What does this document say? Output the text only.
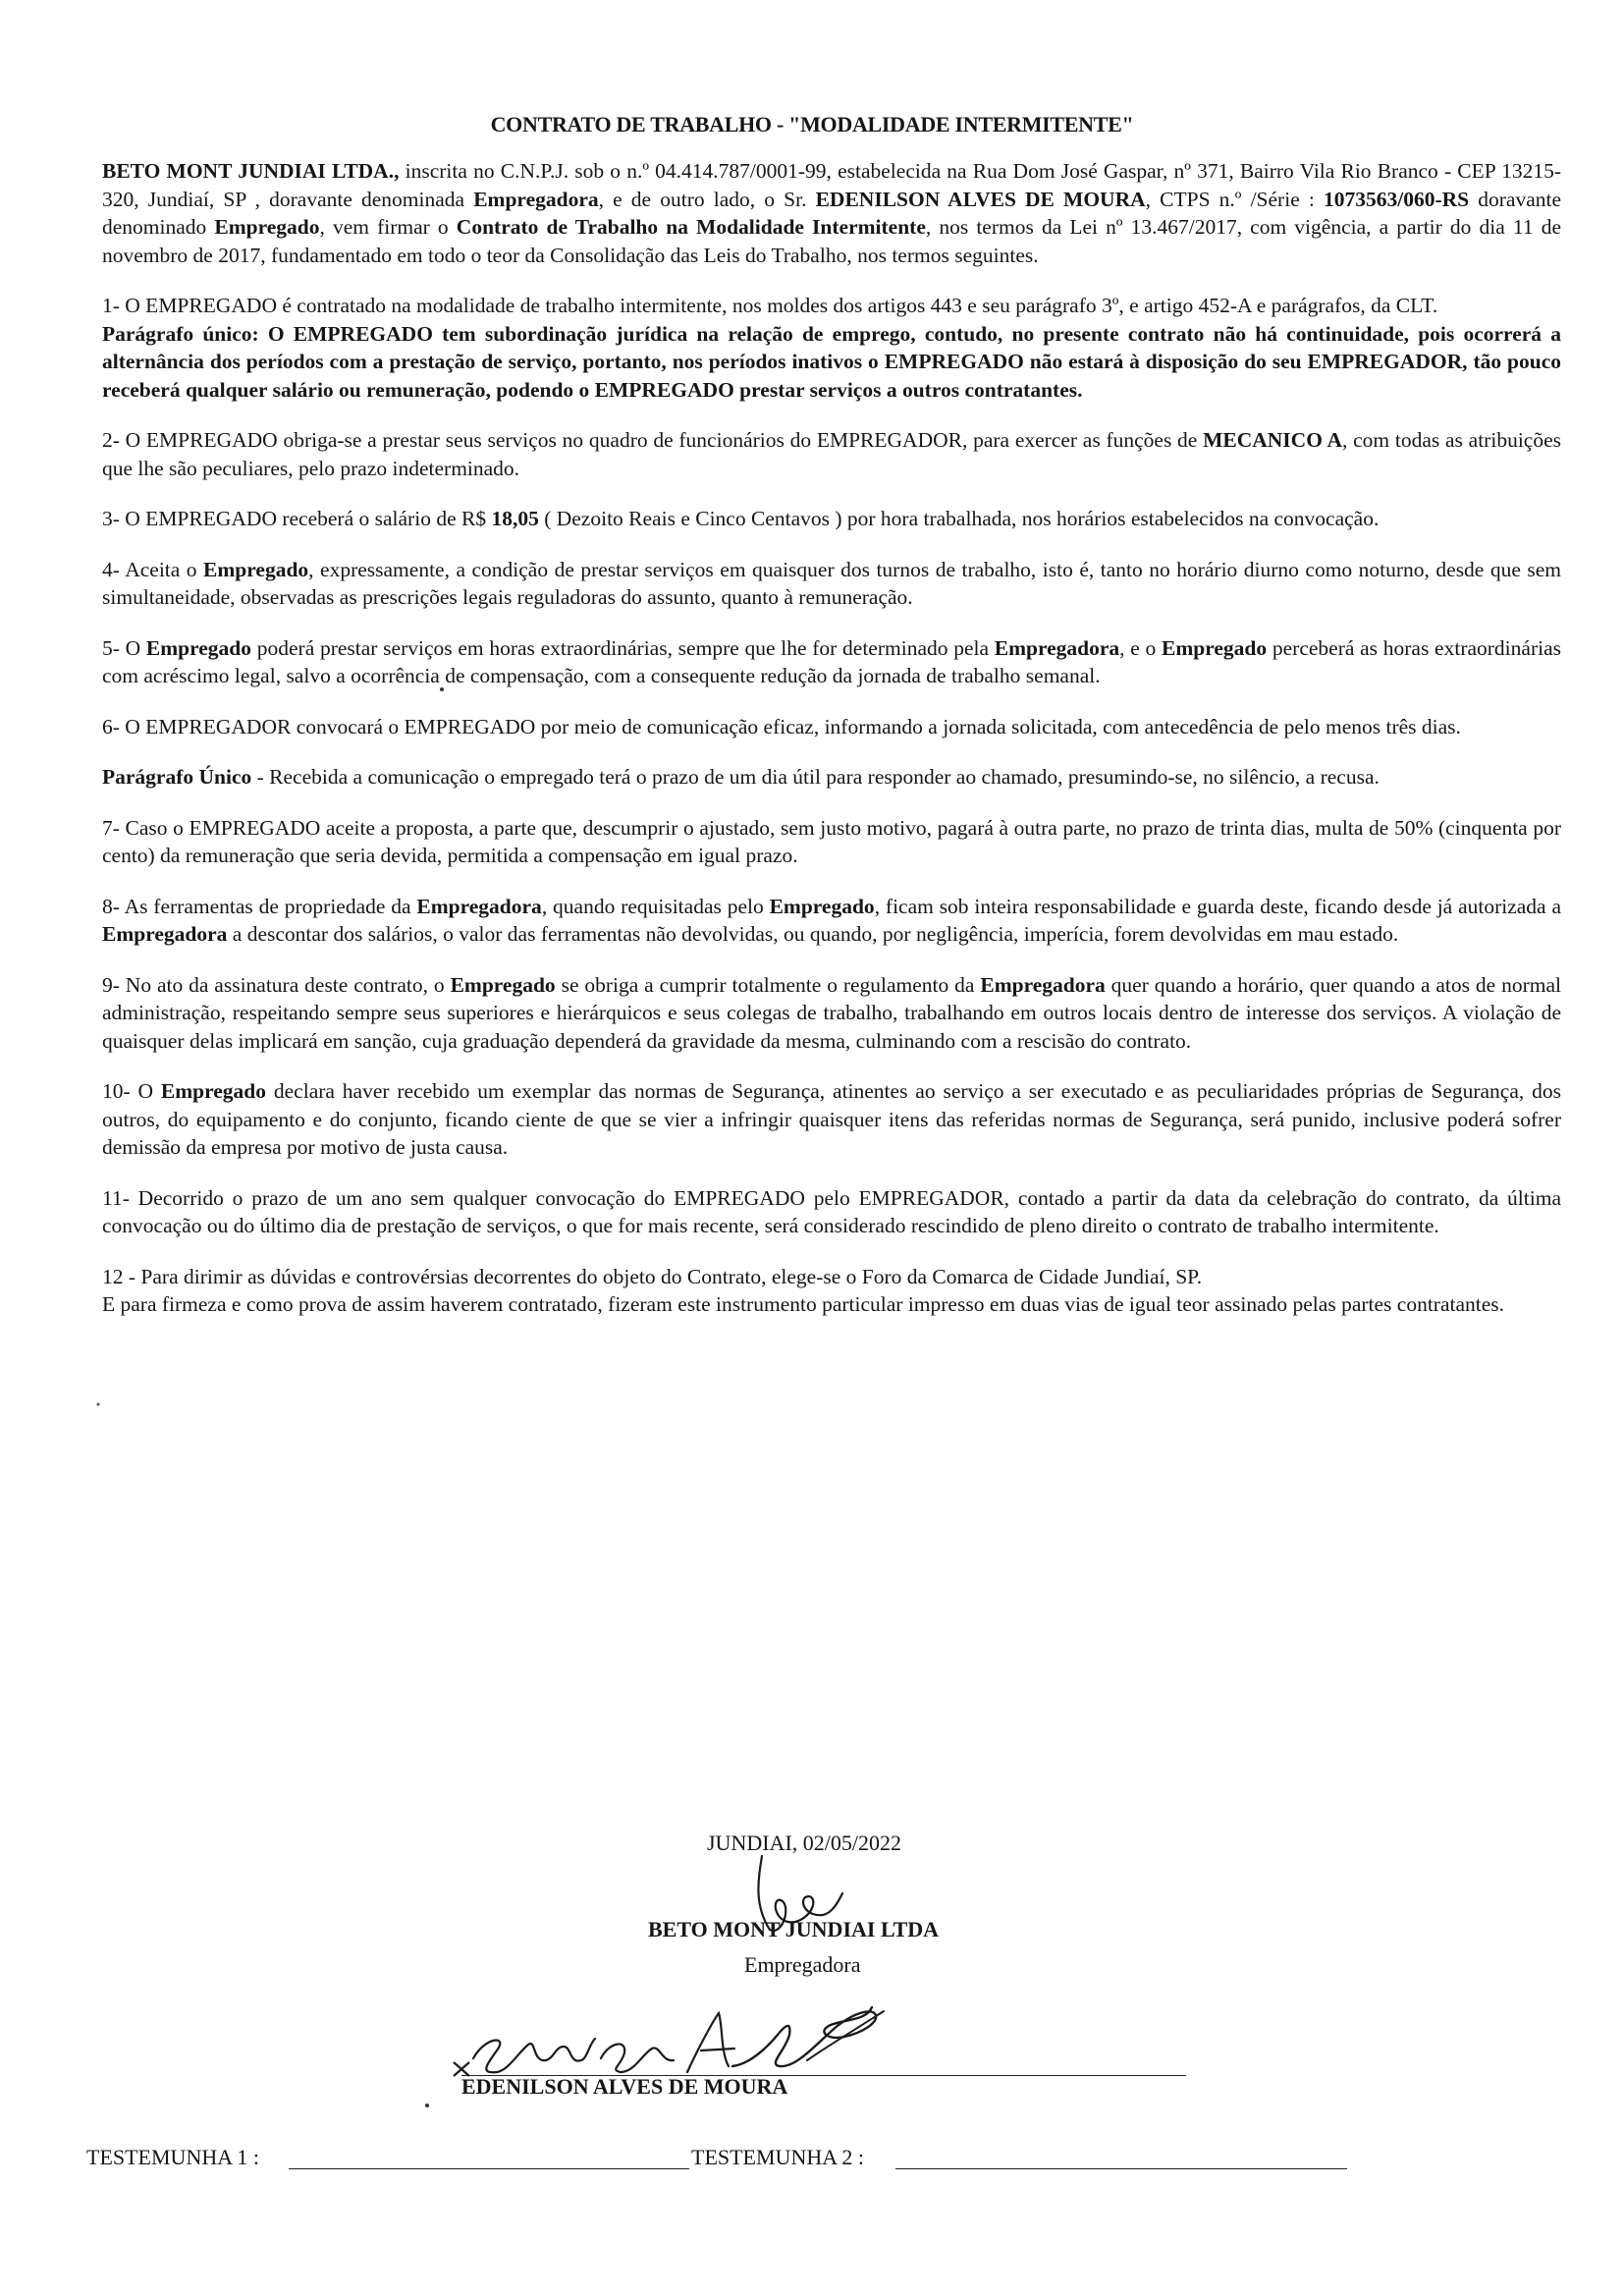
CONTRATO DE TRABALHO - "MODALIDADE INTERMITENTE"

BETO MONT JUNDIAI LTDA., inscrita no C.N.P.J. sob o n.º 04.414.787/0001-99, estabelecida na Rua Dom José Gaspar, nº 371, Bairro Vila Rio Branco - CEP 13215-320, Jundiaí, SP , doravante denominada Empregadora, e de outro lado, o Sr. EDENILSON ALVES DE MOURA, CTPS n.º /Série : 1073563/060-RS doravante denominado Empregado, vem firmar o Contrato de Trabalho na Modalidade Intermitente, nos termos da Lei nº 13.467/2017, com vigência, a partir do dia 11 de novembro de 2017, fundamentado em todo o teor da Consolidação das Leis do Trabalho, nos termos seguintes.

1- O EMPREGADO é contratado na modalidade de trabalho intermitente, nos moldes dos artigos 443 e seu parágrafo 3º, e artigo 452-A e parágrafos, da CLT.

Parágrafo único: O EMPREGADO tem subordinação jurídica na relação de emprego, contudo, no presente contrato não há continuidade, pois ocorrerá a alternância dos períodos com a prestação de serviço, portanto, nos períodos inativos o EMPREGADO não estará à disposição do seu EMPREGADOR, tão pouco receberá qualquer salário ou remuneração, podendo o EMPREGADO prestar serviços a outros contratantes.

2- O EMPREGADO obriga-se a prestar seus serviços no quadro de funcionários do EMPREGADOR, para exercer as funções de MECANICO A, com todas as atribuições que lhe são peculiares, pelo prazo indeterminado.

3- O EMPREGADO receberá o salário de R$ 18,05 ( Dezoito Reais e Cinco Centavos ) por hora trabalhada, nos horários estabelecidos na convocação.

4- Aceita o Empregado, expressamente, a condição de prestar serviços em quaisquer dos turnos de trabalho, isto é, tanto no horário diurno como noturno, desde que sem simultaneidade, observadas as prescrições legais reguladoras do assunto, quanto à remuneração.

5- O Empregado poderá prestar serviços em horas extraordinárias, sempre que lhe for determinado pela Empregadora, e o Empregado perceberá as horas extraordinárias com acréscimo legal, salvo a ocorrência de compensação, com a consequente redução da jornada de trabalho semanal.

6- O EMPREGADOR convocará o EMPREGADO por meio de comunicação eficaz, informando a jornada solicitada, com antecedência de pelo menos três dias.

Parágrafo Único - Recebida a comunicação o empregado terá o prazo de um dia útil para responder ao chamado, presumindo-se, no silêncio, a recusa.

7- Caso o EMPREGADO aceite a proposta, a parte que, descumprir o ajustado, sem justo motivo, pagará à outra parte, no prazo de trinta dias, multa de 50% (cinquenta por cento) da remuneração que seria devida, permitida a compensação em igual prazo.

8- As ferramentas de propriedade da Empregadora, quando requisitadas pelo Empregado, ficam sob inteira responsabilidade e guarda deste, ficando desde já autorizada a Empregadora a descontar dos salários, o valor das ferramentas não devolvidas, ou quando, por negligência, imperícia, forem devolvidas em mau estado.

9- No ato da assinatura deste contrato, o Empregado se obriga a cumprir totalmente o regulamento da Empregadora quer quando a horário, quer quando a atos de normal administração, respeitando sempre seus superiores e hierárquicos e seus colegas de trabalho, trabalhando em outros locais dentro de interesse dos serviços. A violação de quaisquer delas implicará em sanção, cuja graduação dependerá da gravidade da mesma, culminando com a rescisão do contrato.

10- O Empregado declara haver recebido um exemplar das normas de Segurança, atinentes ao serviço a ser executado e as peculiaridades próprias de Segurança, dos outros, do equipamento e do conjunto, ficando ciente de que se vier a infringir quaisquer itens das referidas normas de Segurança, será punido, inclusive poderá sofrer demissão da empresa por motivo de justa causa.

11- Decorrido o prazo de um ano sem qualquer convocação do EMPREGADO pelo EMPREGADOR, contado a partir da data da celebração do contrato, da última convocação ou do último dia de prestação de serviços, o que for mais recente, será considerado rescindido de pleno direito o contrato de trabalho intermitente.

12 - Para dirimir as dúvidas e controvérsias decorrentes do objeto do Contrato, elege-se o Foro da Comarca de Cidade Jundiaí, SP.

E para firmeza e como prova de assim haverem contratado, fizeram este instrumento particular impresso em duas vias de igual teor assinado pelas partes contratantes.

JUNDIAI, 02/05/2022
BETO MONT JUNDIAI LTDA
Empregadora
EDENILSON ALVES DE MOURA
TESTEMUNHA 1 :	TESTEMUNHA 2 :
